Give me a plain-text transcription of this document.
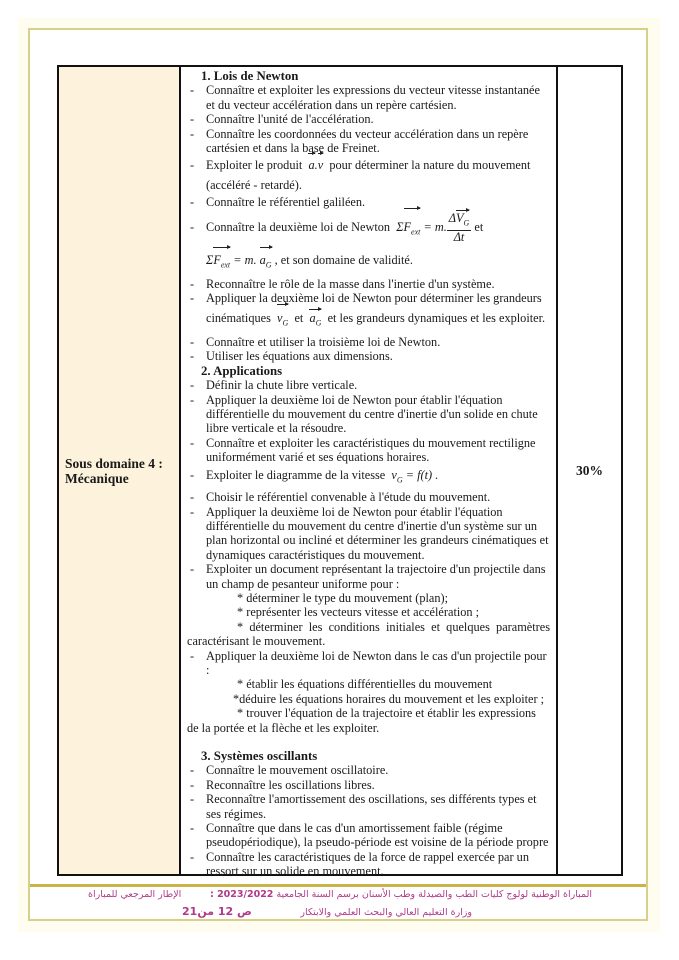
Sous domaine 4 : Mécanique
1. Lois de Newton
- Connaître et exploiter les expressions du vecteur vitesse instantanée et du vecteur accélération dans un repère cartésien.
- Connaître l'unité de l'accélération.
- Connaître les coordonnées du vecteur accélération dans un repère cartésien et dans la base de Freinet.
- Exploiter le produit a.v pour déterminer la nature du mouvement (accéléré - retardé).
- Connaître le référentiel galiléen.
- Connaître la deuxième loi de Newton  $\Sigma F_{ext} = m$. $\frac{\Delta V_G}{\Delta t}$ et
$\Sigma F_{ext} = m$. $a_G$ , et son domaine de validité.
- Reconnaître le rôle de la masse dans l'inertie d'un système.
- Appliquer la deuxième loi de Newton pour déterminer les grandeurs cinématiques $v_G$ et $a_G$ et les grandeurs dynamiques et les exploiter.
- Connaître et utiliser la troisième loi de Newton.
- Utiliser les équations aux dimensions.
2. Applications
- Définir la chute libre verticale.
- Appliquer la deuxième loi de Newton pour établir l'équation différentielle du mouvement du centre d'inertie d'un solide en chute libre verticale et la résoudre.
- Connaître et exploiter les caractéristiques du mouvement rectiligne uniformément varié et ses équations horaires.
- Exploiter le diagramme de la vitesse  $v_G = f(t)$ .
- Choisir le référentiel convenable à l'étude du mouvement.
- Appliquer la deuxième loi de Newton pour établir l'équation différentielle du mouvement du centre d'inertie d'un système sur un plan horizontal ou incliné et déterminer les grandeurs cinématiques et dynamiques caractéristiques du mouvement.
- Exploiter un document représentant la trajectoire d'un projectile dans un champ de pesanteur uniforme pour :
* déterminer le type du mouvement (plan);
* représenter les vecteurs vitesse et accélération ;
* déterminer les conditions initiales et quelques paramètres
caractérisant le mouvement.
- Appliquer la deuxième loi de Newton dans le cas d'un projectile pour :
* établir les équations différentielles du mouvement
*déduire les équations horaires du mouvement et les exploiter ;
* trouver l'équation de la trajectoire et établir les expressions
de la portée et la flèche et les exploiter.
3. Systèmes oscillants
- Connaître le mouvement oscillatoire.
- Reconnaître les oscillations libres.
- Reconnaître l'amortissement des oscillations, ses différents types et ses régimes.
- Connaître que dans le cas d'un amortissement faible (régime pseudopériodique), la pseudo-période est voisine de la période propre
- Connaître les caractéristiques de la force de rappel exercée par un ressort sur un solide en mouvement.
30%
المباراة الوطنية لولوج كليات الطب والصيدلة وطب الأسنان برسم السنة الجامعية 2023/2022 :
وزارة التعليم العالي والبحث العلمي والابتكار
الإطار المرجعي للمباراة
ص 12 من21
